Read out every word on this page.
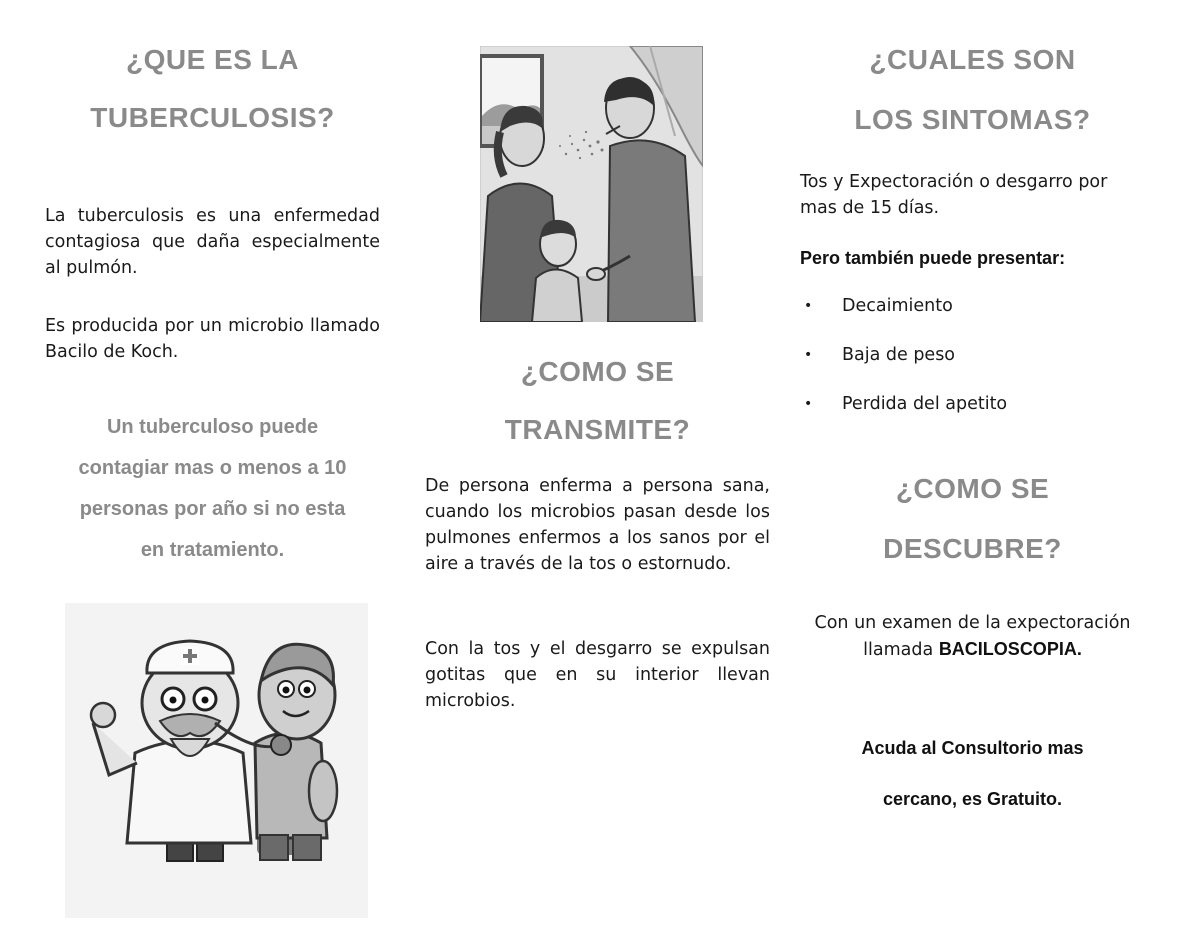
¿QUE ES LA
TUBERCULOSIS?

La tuberculosis es una enfermedad contagiosa que daña especialmente al pulmón.

Es producida por un microbio llamado Bacilo de Koch.

Un tuberculoso puede
contagiar mas o menos a 10
personas por año si no esta
en tratamiento.
¿COMO SE
TRANSMITE?

De persona enferma a persona sana, cuando los microbios pasan desde los pulmones enfermos a los sanos por el aire a través de la tos o estornudo.

Con la tos y el desgarro se expulsan gotitas que en su interior llevan microbios.

¿CUALES SON
LOS SINTOMAS?

Tos y Expectoración o desgarro por mas de 15 días.

Pero también puede presentar:
• Decaimiento
• Baja de peso
• Perdida del apetito
¿COMO SE
DESCUBRE?

Con un examen de la expectoración llamada BACILOSCOPIA.

Acuda al Consultorio mas
cercano, es Gratuito.
